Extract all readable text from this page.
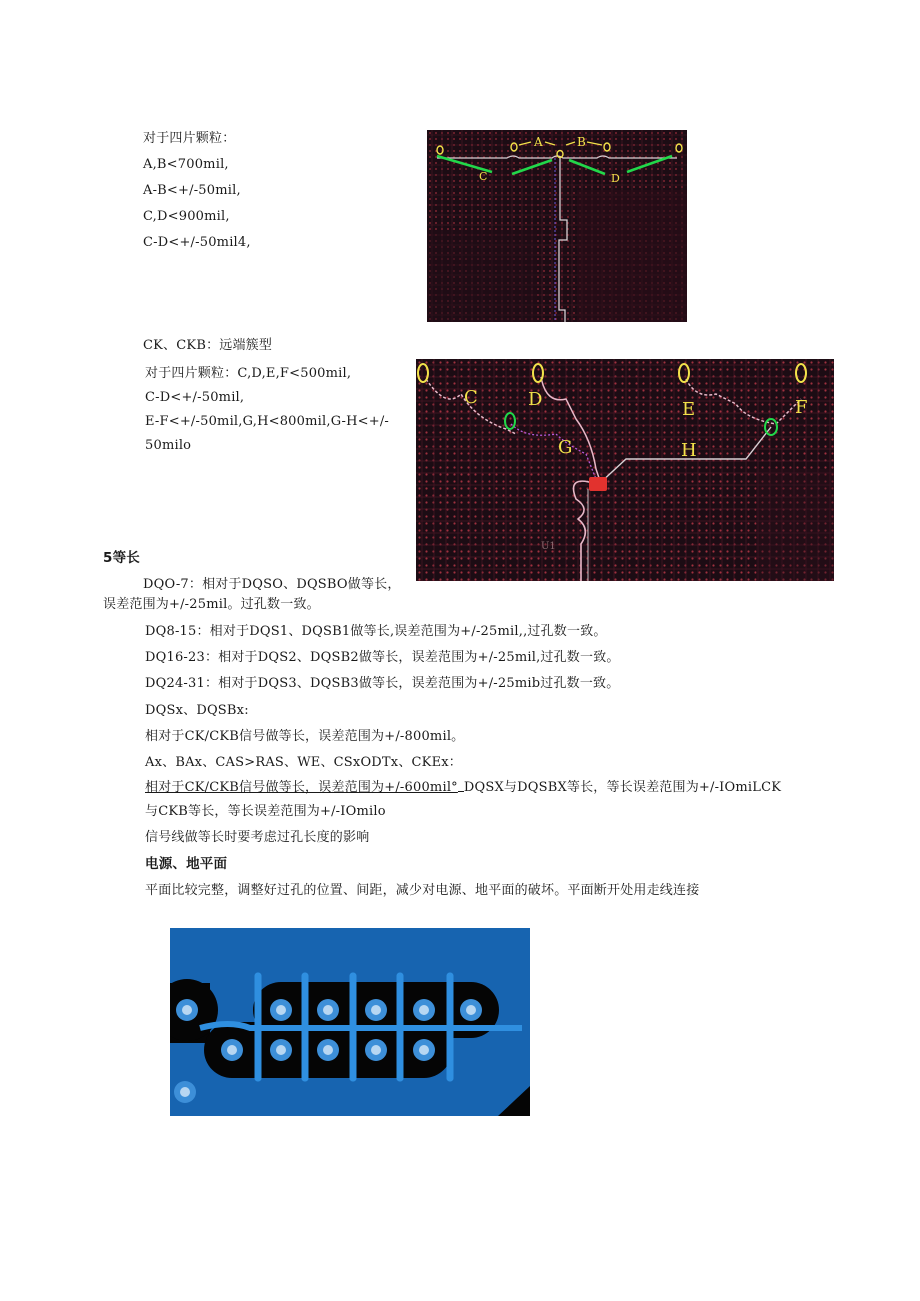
对于四片颗粒：
A,B<700mil,
A-B<+/-50mil,
C,D<900mil,
C-D<+/-50mil4,
A	B
C	D
CK、CKB：远端簇型
对于四片颗粒：C,D,E,F<500mil,
C-D<+/-50mil,
E-F<+/-50mil,G,H<800mil,G-H<+/-
50milo
C	D	E	F
G	H
U1
5等长
DQO-7：相对于DQSO、DQSBO做等长，
误差范围为+/-25mil。过孔数一致。
DQ8-15：相对于DQS1、DQSB1做等长,误差范围为+/-25mil,,过孔数一致。
DQ16-23：相对于DQS2、DQSB2做等长，误差范围为+/-25mil,过孔数一致。
DQ24-31：相对于DQS3、DQSB3做等长，误差范围为+/-25mib过孔数一致。
DQSx、DQSBx:
相对于CK/CKB信号做等长，误差范围为+/-800mil。
Ax、BAx、CAS>RAS、WE、CSxODTx、CKEx：
相对于CK/CKB信号做等长，误差范围为+/-600mil° DQSX与DQSBX等长，等长误差范围为+/-IOmiLCK
与CKB等长，等长误差范围为+/-IOmilo
信号线做等长时要考虑过孔长度的影响
电源、地平面
平面比较完整，调整好过孔的位置、间距，减少对电源、地平面的破坏。平面断开处用走线连接
